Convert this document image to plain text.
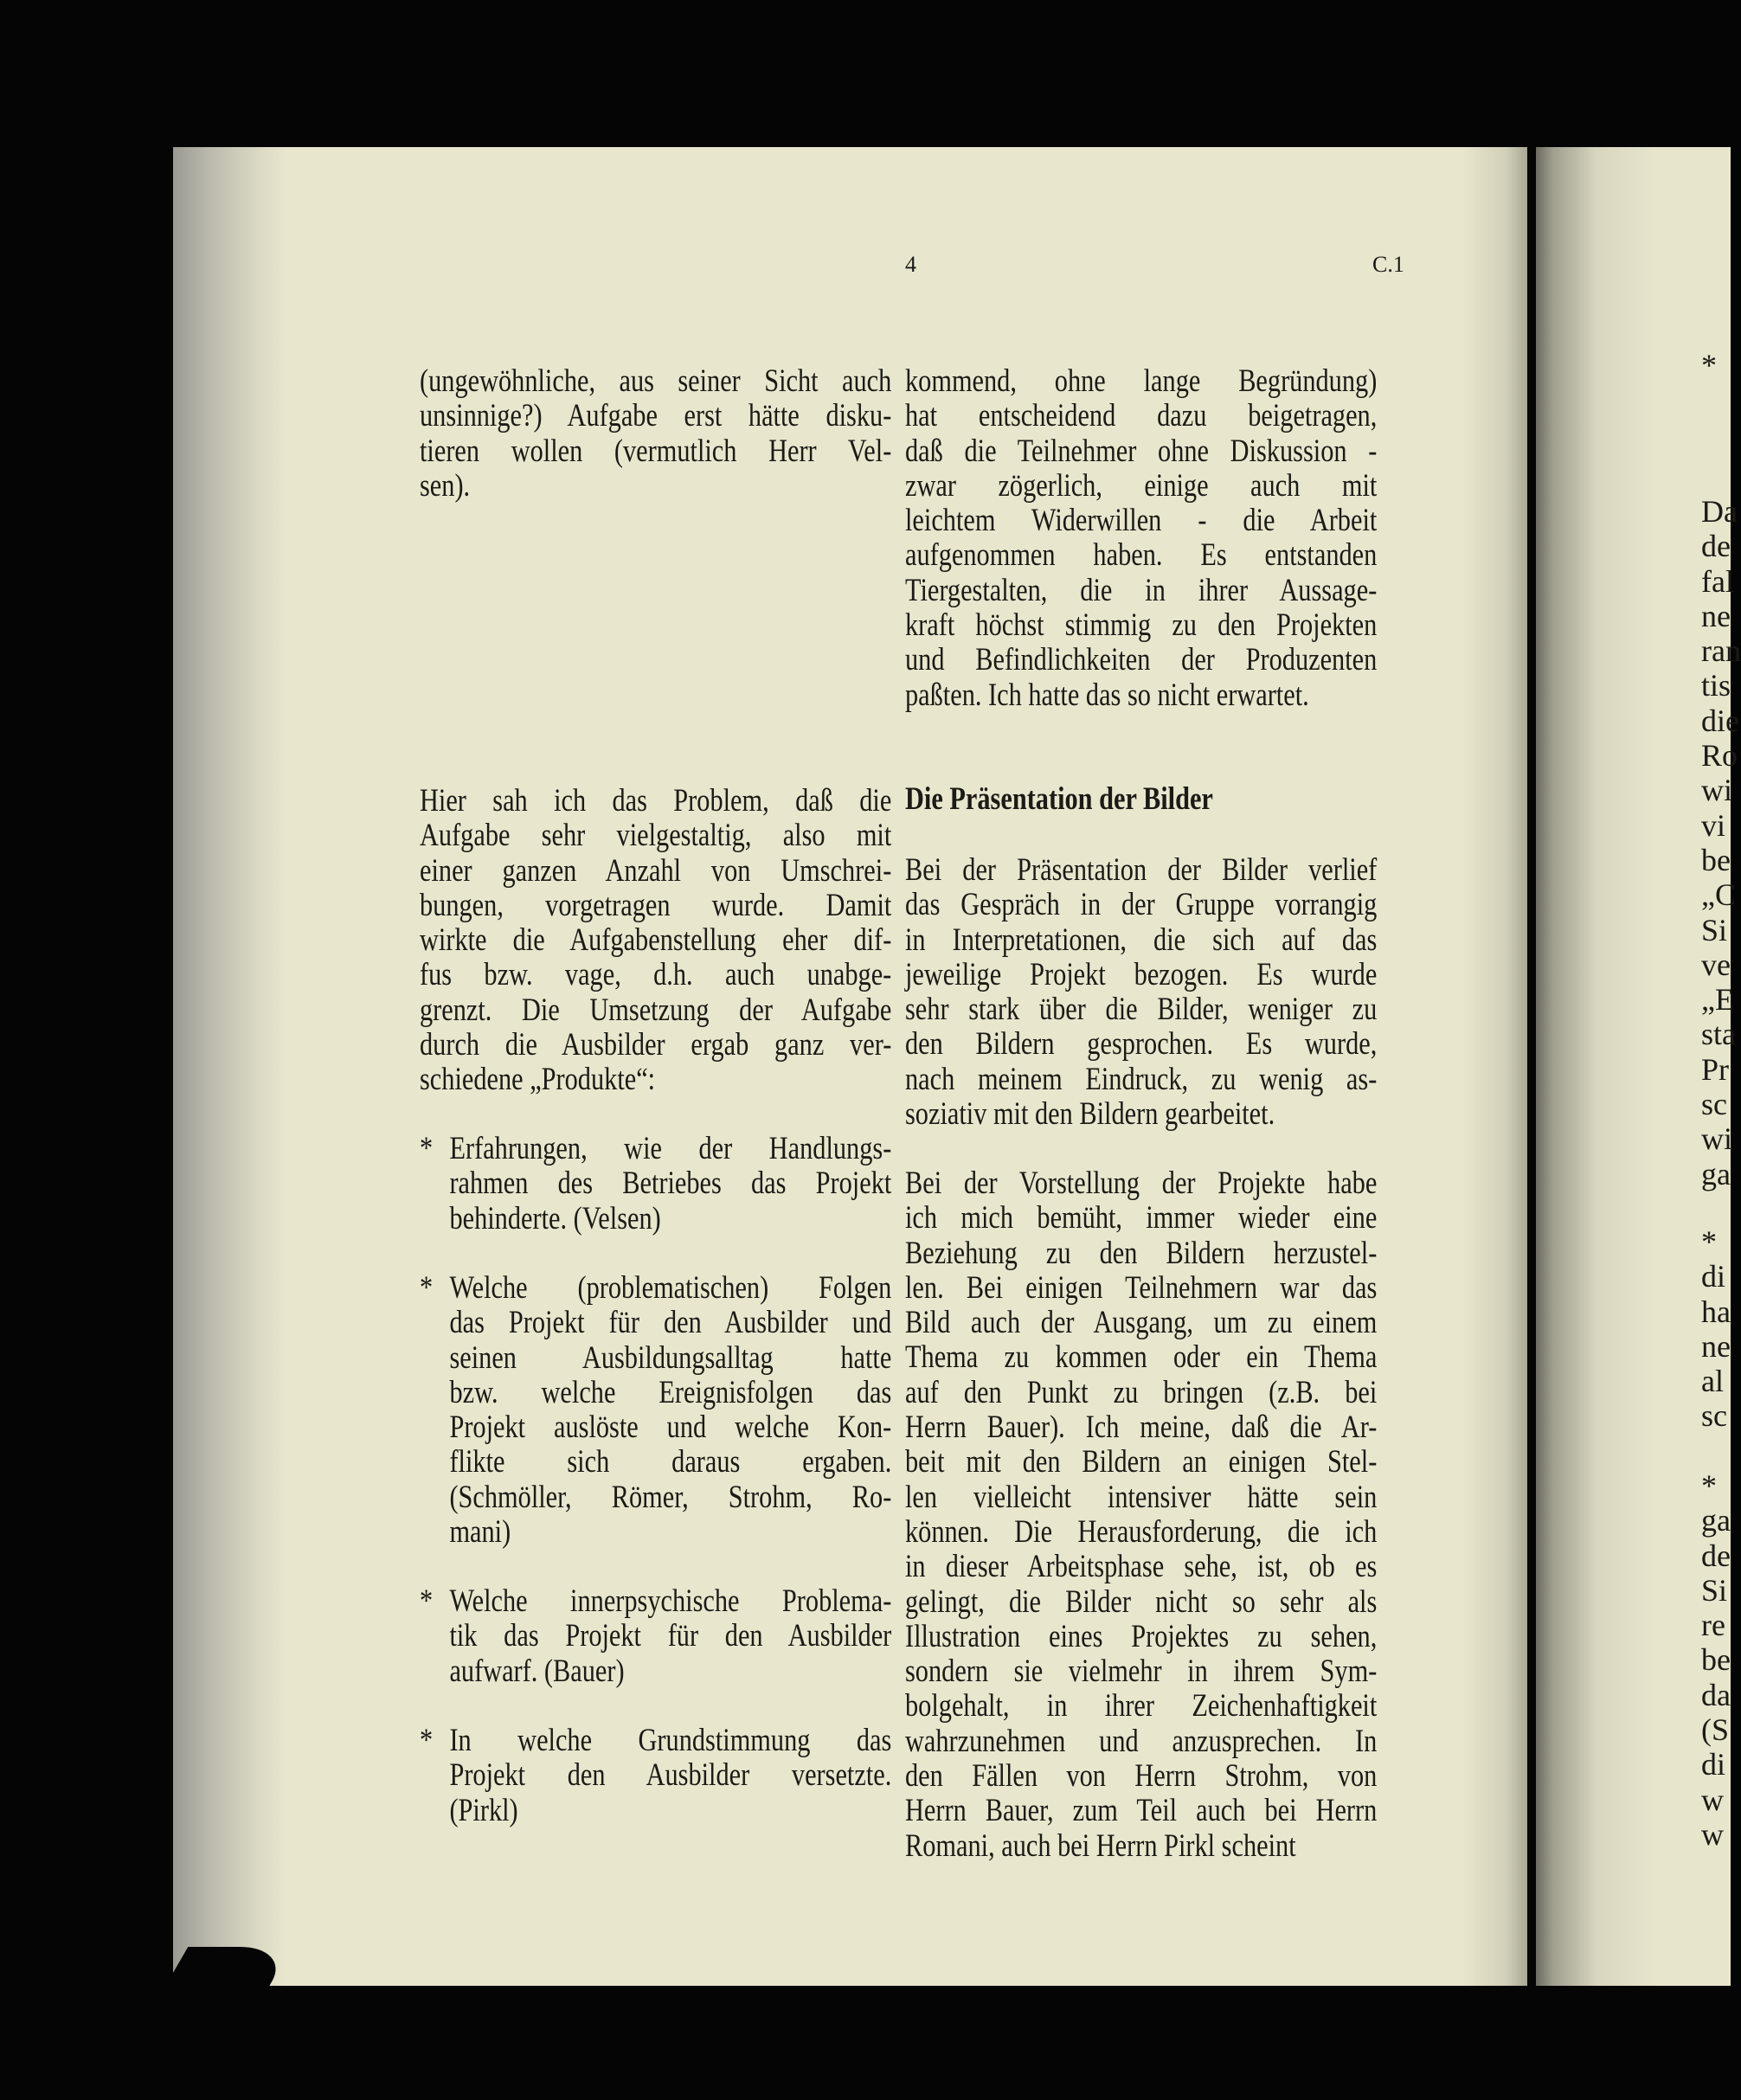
4	C.1
(ungewöhnliche, aus seiner Sicht auch
unsinnige?) Aufgabe erst hätte disku-
tieren wollen (vermutlich Herr Vel-
sen).
Hier sah ich das Problem, daß die
Aufgabe sehr vielgestaltig, also mit
einer ganzen Anzahl von Umschrei-
bungen, vorgetragen wurde. Damit
wirkte die Aufgabenstellung eher dif-
fus bzw. vage, d.h. auch unabge-
grenzt. Die Umsetzung der Aufgabe
durch die Ausbilder ergab ganz ver-
schiedene „Produkte“:
* Erfahrungen, wie der Handlungs-
rahmen des Betriebes das Projekt
behinderte. (Velsen)
* Welche (problematischen) Folgen
das Projekt für den Ausbilder und
seinen Ausbildungsalltag hatte
bzw. welche Ereignisfolgen das
Projekt auslöste und welche Kon-
flikte sich daraus ergaben.
(Schmöller, Römer, Strohm, Ro-
mani)
* Welche innerpsychische Problema-
tik das Projekt für den Ausbilder
aufwarf. (Bauer)
* In welche Grundstimmung das
Projekt den Ausbilder versetzte.
(Pirkl)
kommend, ohne lange Begründung)
hat entscheidend dazu beigetragen,
daß die Teilnehmer ohne Diskussion -
zwar zögerlich, einige auch mit
leichtem Widerwillen - die Arbeit
aufgenommen haben. Es entstanden
Tiergestalten, die in ihrer Aussage-
kraft höchst stimmig zu den Projekten
und Befindlichkeiten der Produzenten
paßten. Ich hatte das so nicht erwartet.
Die Präsentation der Bilder
Bei der Präsentation der Bilder verlief
das Gespräch in der Gruppe vorrangig
in Interpretationen, die sich auf das
jeweilige Projekt bezogen. Es wurde
sehr stark über die Bilder, weniger zu
den Bildern gesprochen. Es wurde,
nach meinem Eindruck, zu wenig as-
soziativ mit den Bildern gearbeitet.
Bei der Vorstellung der Projekte habe
ich mich bemüht, immer wieder eine
Beziehung zu den Bildern herzustel-
len. Bei einigen Teilnehmern war das
Bild auch der Ausgang, um zu einem
Thema zu kommen oder ein Thema
auf den Punkt zu bringen (z.B. bei
Herrn Bauer). Ich meine, daß die Ar-
beit mit den Bildern an einigen Stel-
len vielleicht intensiver hätte sein
können. Die Herausforderung, die ich
in dieser Arbeitsphase sehe, ist, ob es
gelingt, die Bilder nicht so sehr als
Illustration eines Projektes zu sehen,
sondern sie vielmehr in ihrem Sym-
bolgehalt, in ihrer Zeichenhaftigkeit
wahrzunehmen und anzusprechen. In
den Fällen von Herrn Strohm, von
Herrn Bauer, zum Teil auch bei Herrn
Romani, auch bei Herrn Pirkl scheint
*
Da
de
fal
ne
ran
tis
die
Ro
wi
vi
be
„C
Si
ve
„E
sta
Pr
sc
wi
ga
*
di
ha
ne
al
sc
*
ga
de
Si
re
be
da
(S
di
w
w
